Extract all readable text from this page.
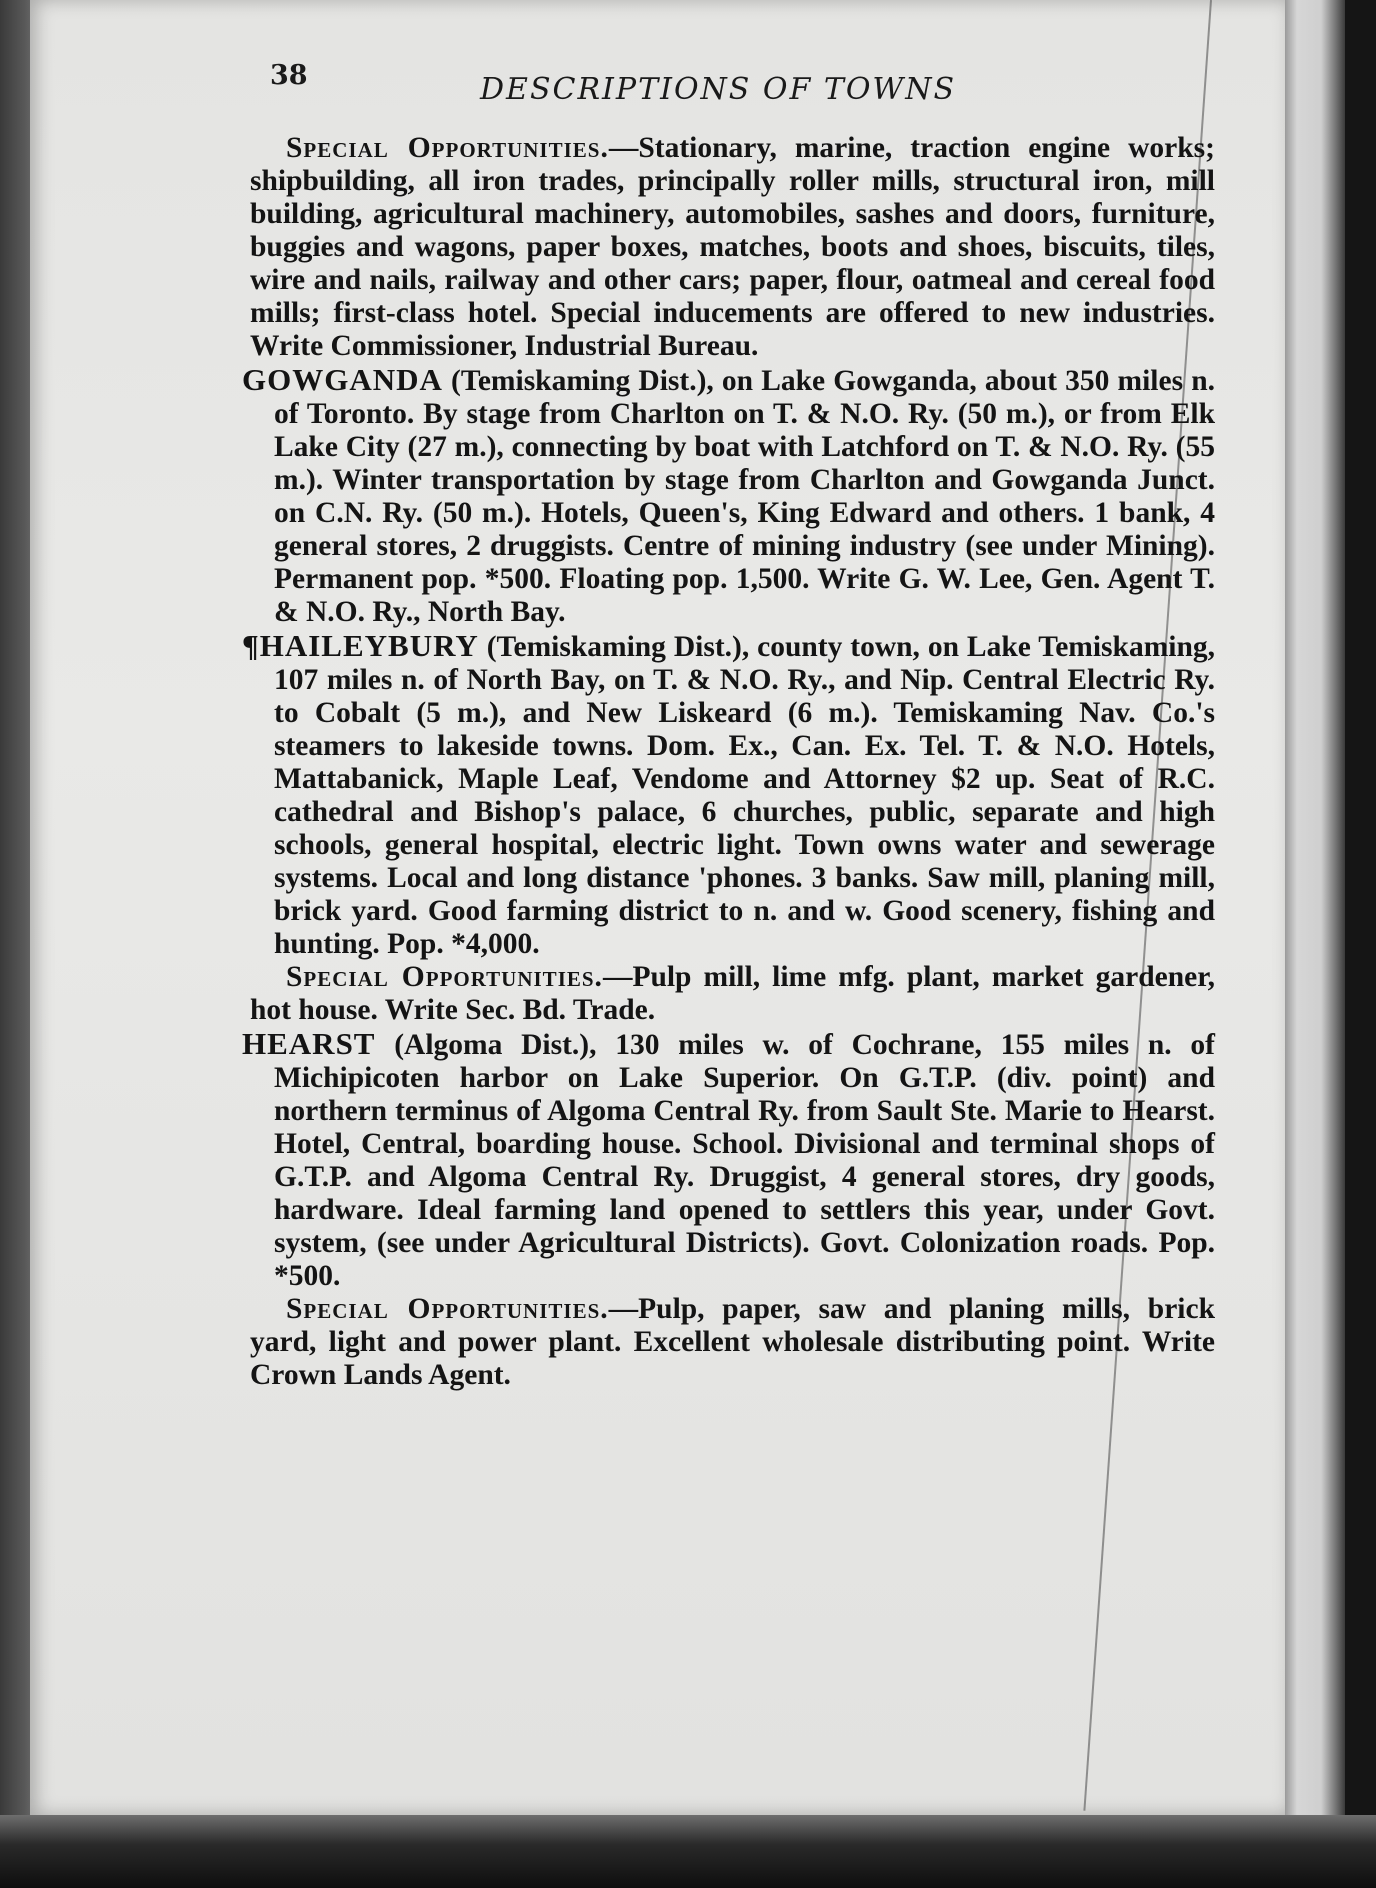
38	DESCRIPTIONS OF TOWNS

Special Opportunities.—Stationary, marine, traction engine works; shipbuilding, all iron trades, principally roller mills, structural iron, mill building, agricultural machinery, automobiles, sashes and doors, furniture, buggies and wagons, paper boxes, matches, boots and shoes, biscuits, tiles, wire and nails, railway and other cars; paper, flour, oatmeal and cereal food mills; first-class hotel. Special inducements are offered to new industries. Write Commissioner, Industrial Bureau.

GOWGANDA (Temiskaming Dist.), on Lake Gowganda, about 350 miles n. of Toronto. By stage from Charlton on T. & N.O. Ry. (50 m.), or from Elk Lake City (27 m.), connecting by boat with Latchford on T. & N.O. Ry. (55 m.). Winter transportation by stage from Charlton and Gowganda Junct. on C.N. Ry. (50 m.). Hotels, Queen's, King Edward and others. 1 bank, 4 general stores, 2 druggists. Centre of mining industry (see under Mining). Permanent pop. *500. Floating pop. 1,500. Write G. W. Lee, Gen. Agent T. & N.O. Ry., North Bay.

¶HAILEYBURY (Temiskaming Dist.), county town, on Lake Temiskaming, 107 miles n. of North Bay, on T. & N.O. Ry., and Nip. Central Electric Ry. to Cobalt (5 m.), and New Liskeard (6 m.). Temiskaming Nav. Co.'s steamers to lakeside towns. Dom. Ex., Can. Ex. Tel. T. & N.O. Hotels, Mattabanick, Maple Leaf, Vendome and Attorney $2 up. Seat of R.C. cathedral and Bishop's palace, 6 churches, public, separate and high schools, general hospital, electric light. Town owns water and sewerage systems. Local and long distance 'phones. 3 banks. Saw mill, planing mill, brick yard. Good farming district to n. and w. Good scenery, fishing and hunting. Pop. *4,000.

Special Opportunities.—Pulp mill, lime mfg. plant, market gardener, hot house. Write Sec. Bd. Trade.

HEARST (Algoma Dist.), 130 miles w. of Cochrane, 155 miles n. of Michipicoten harbor on Lake Superior. On G.T.P. (div. point) and northern terminus of Algoma Central Ry. from Sault Ste. Marie to Hearst. Hotel, Central, boarding house. School. Divisional and terminal shops of G.T.P. and Algoma Central Ry. Druggist, 4 general stores, dry goods, hardware. Ideal farming land opened to settlers this year, under Govt. system, (see under Agricultural Districts). Govt. Colonization roads. Pop. *500.

Special Opportunities.—Pulp, paper, saw and planing mills, brick yard, light and power plant. Excellent wholesale distributing point. Write Crown Lands Agent.
